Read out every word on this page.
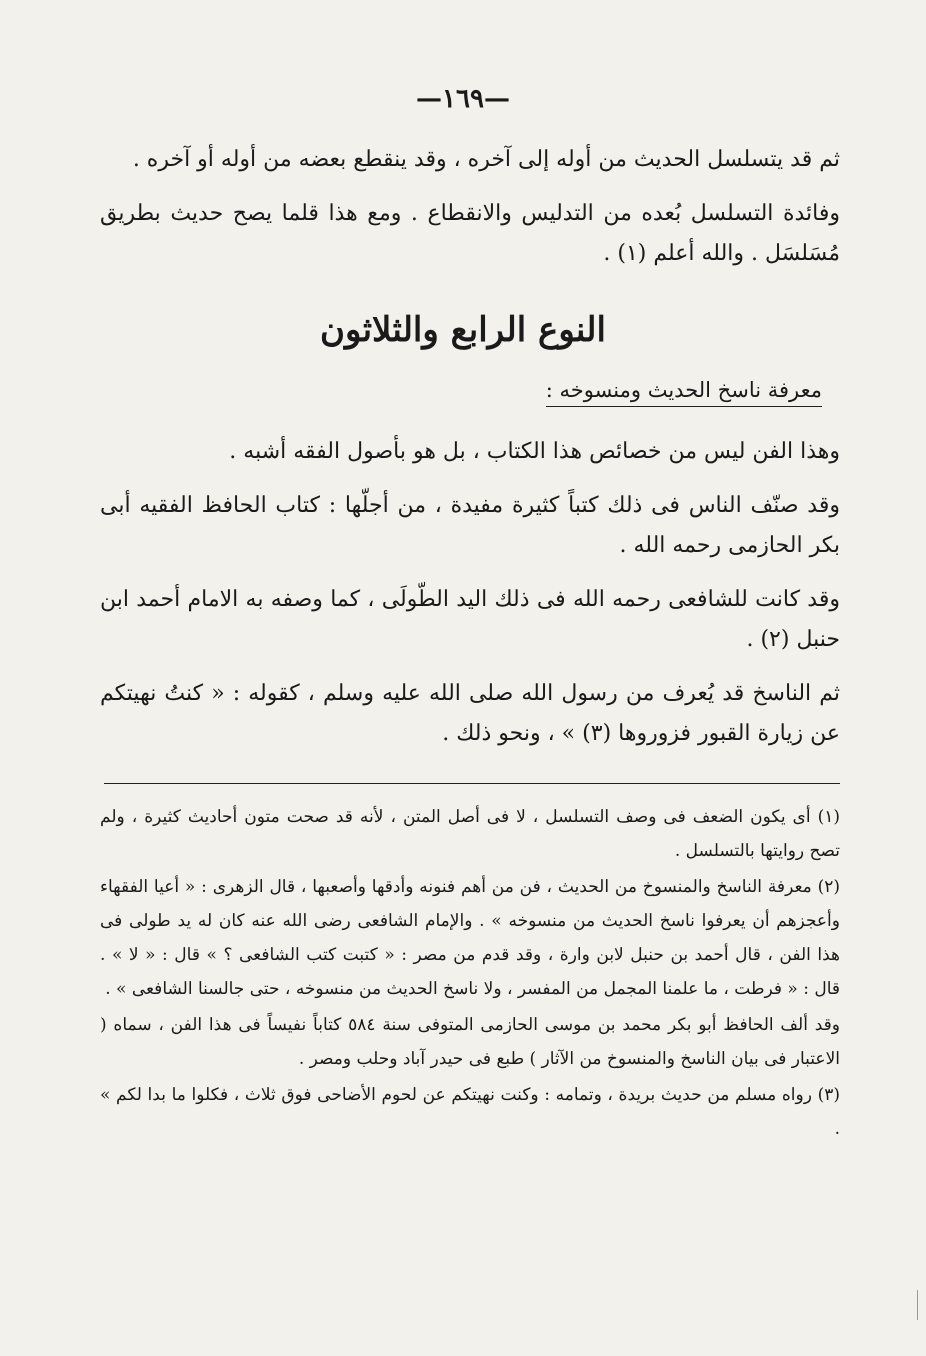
—١٦٩—

ثم قد يتسلسل الحديث من أوله إلى آخره ، وقد ينقطع بعضه من أوله أو آخره .

وفائدة التسلسل بُعده من التدليس والانقطاع . ومع هذا قلما يصح حديث بطريق مُسَلسَل . والله أعلم (١) .

النوع الرابع والثلاثون
معرفة ناسخ الحديث ومنسوخه :

وهذا الفن ليس من خصائص هذا الكتاب ، بل هو بأصول الفقه أشبه .

وقد صنّف الناس فى ذلك كتباً كثيرة مفيدة ، من أجلّها : كتاب الحافظ الفقيه أبى بكر الحازمى رحمه الله .

وقد كانت للشافعى رحمه الله فى ذلك اليد الطّولَى ، كما وصفه به الامام أحمد ابن حنبل (٢) .

ثم الناسخ قد يُعرف من رسول الله صلى الله عليه وسلم ، كقوله : « كنتُ نهيتكم عن زيارة القبور فزوروها (٣) » ، ونحو ذلك .

(١) أى يكون الضعف فى وصف التسلسل ، لا فى أصل المتن ، لأنه قد صحت متون أحاديث كثيرة ، ولم تصح روايتها بالتسلسل .

(٢) معرفة الناسخ والمنسوخ من الحديث ، فن من أهم فنونه وأدقها وأصعبها ، قال الزهرى : « أعيا الفقهاء وأعجزهم أن يعرفوا ناسخ الحديث من منسوخه » . والإمام الشافعى رضى الله عنه كان له يد طولى فى هذا الفن ، قال أحمد بن حنبل لابن وارة ، وقد قدم من مصر : « كتبت كتب الشافعى ؟ » قال : « لا » . قال : « فرطت ، ما علمنا المجمل من المفسر ، ولا ناسخ الحديث من منسوخه ، حتى جالسنا الشافعى » .

وقد ألف الحافظ أبو بكر محمد بن موسى الحازمى المتوفى سنة ٥٨٤ كتاباً نفيساً فى هذا الفن ، سماه ( الاعتبار فى بيان الناسخ والمنسوخ من الآثار ) طبع فى حيدر آباد وحلب ومصر .

(٣) رواه مسلم من حديث بريدة ، وتمامه : وكنت نهيتكم عن لحوم الأضاحى فوق ثلاث ، فكلوا ما بدا لكم » .
